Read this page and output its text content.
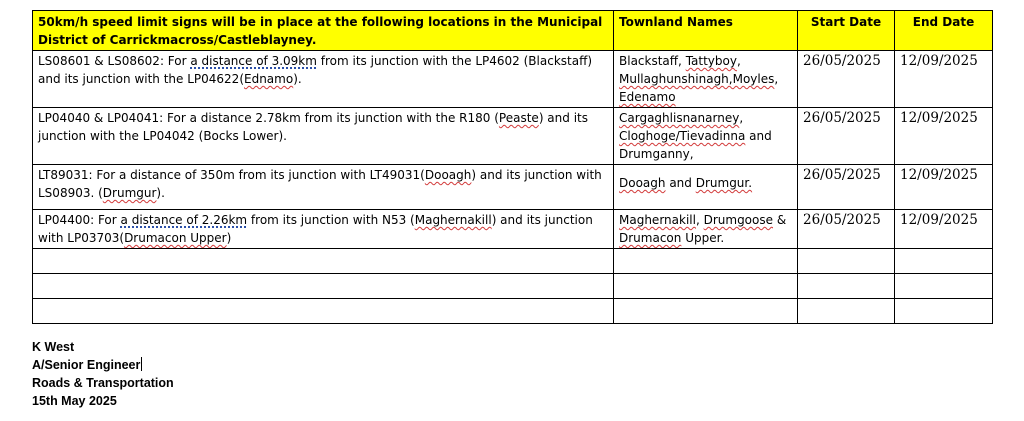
50km/h speed limit signs will be in place at the following locations in the Municipal District of Carrickmacross/Castleblayney.	Townland Names	Start Date	End Date
LS08601 & LS08602: For a distance of 3.09km from its junction with the LP4602 (Blackstaff) and its junction with the LP04622(Ednamo).	Blackstaff, Tattyboy, Mullaghunshinagh,Moyles, Edenamo	26/05/2025	12/09/2025
LP04040 & LP04041: For a distance 2.78km from its junction with the R180 (Peaste) and its junction with the LP04042 (Bocks Lower).	Cargaghlisnanarney, Cloghoge/Tievadinna and Drumganny,	26/05/2025	12/09/2025
LT89031: For a distance of 350m from its junction with LT49031(Dooagh) and its junction with LS08903. (Drumgur).	Dooagh and Drumgur.	26/05/2025	12/09/2025
LP04400: For a distance of 2.26km from its junction with N53 (Maghernakill) and its junction with LP03703(Drumacon Upper)	Maghernakill, Drumgoose & Drumacon Upper.	26/05/2025	12/09/2025

K West
A/Senior Engineer
Roads & Transportation
15th May 2025
